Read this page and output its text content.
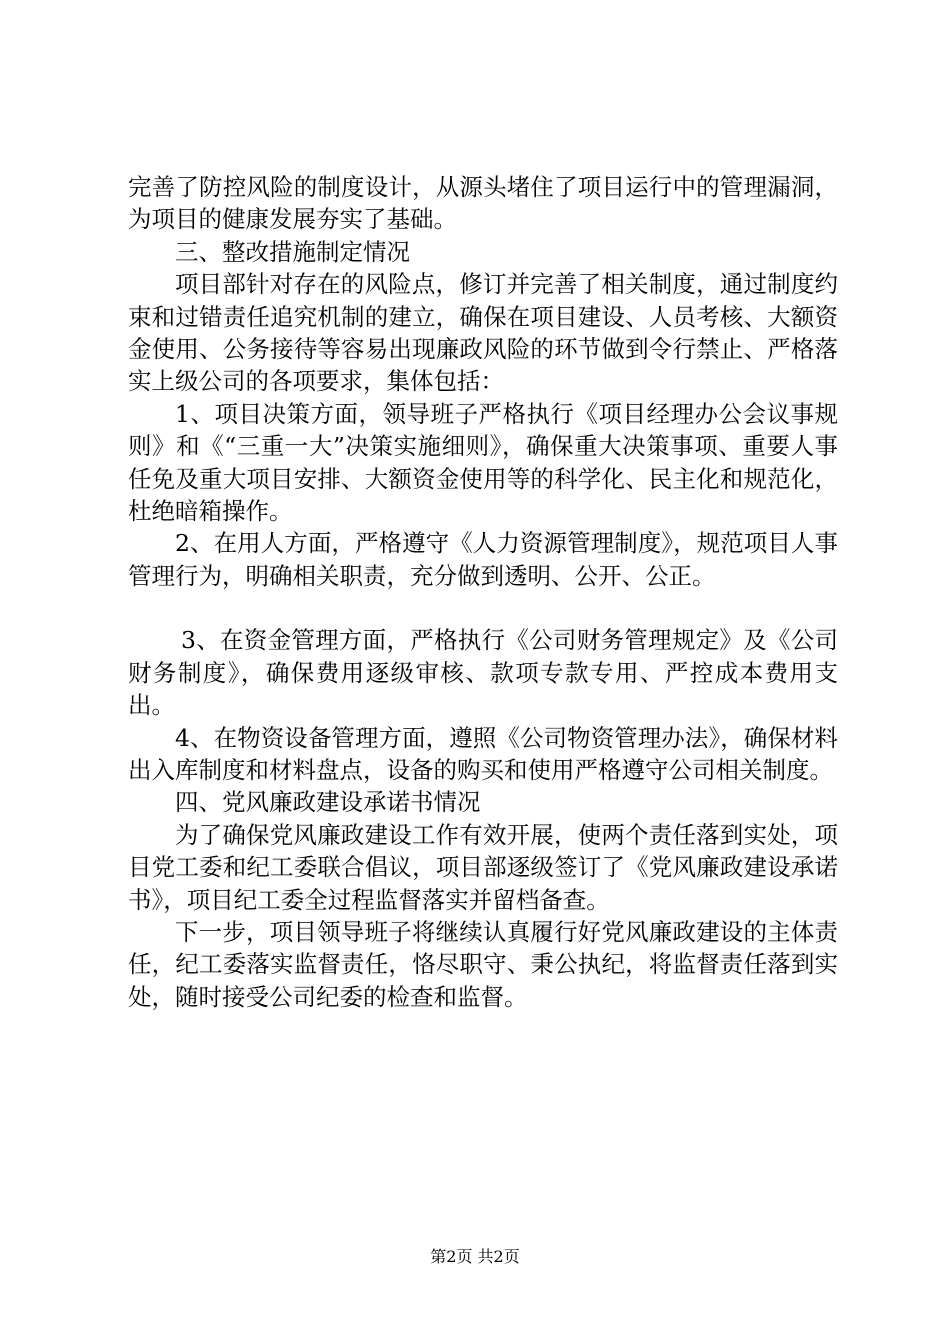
完善了防控风险的制度设计，从源头堵住了项目运行中的管理漏洞，为项目的健康发展夯实了基础。

三、整改措施制定情况

项目部针对存在的风险点，修订并完善了相关制度，通过制度约束和过错责任追究机制的建立，确保在项目建设、人员考核、大额资金使用、公务接待等容易出现廉政风险的环节做到令行禁止、严格落实上级公司的各项要求，集体包括：

1、项目决策方面，领导班子严格执行《项目经理办公会议事规则》和《“三重一大”决策实施细则》，确保重大决策事项、重要人事任免及重大项目安排、大额资金使用等的科学化、民主化和规范化，杜绝暗箱操作。

2、在用人方面，严格遵守《人力资源管理制度》，规范项目人事管理行为，明确相关职责，充分做到透明、公开、公正。

3、在资金管理方面，严格执行《公司财务管理规定》及《公司财务制度》，确保费用逐级审核、款项专款专用、严控成本费用支出。

4、在物资设备管理方面，遵照《公司物资管理办法》，确保材料出入库制度和材料盘点，设备的购买和使用严格遵守公司相关制度。

四、党风廉政建设承诺书情况

为了确保党风廉政建设工作有效开展，使两个责任落到实处，项目党工委和纪工委联合倡议，项目部逐级签订了《党风廉政建设承诺书》，项目纪工委全过程监督落实并留档备查。

下一步，项目领导班子将继续认真履行好党风廉政建设的主体责任，纪工委落实监督责任，恪尽职守、秉公执纪，将监督责任落到实处，随时接受公司纪委的检查和监督。

第2页 共2页
